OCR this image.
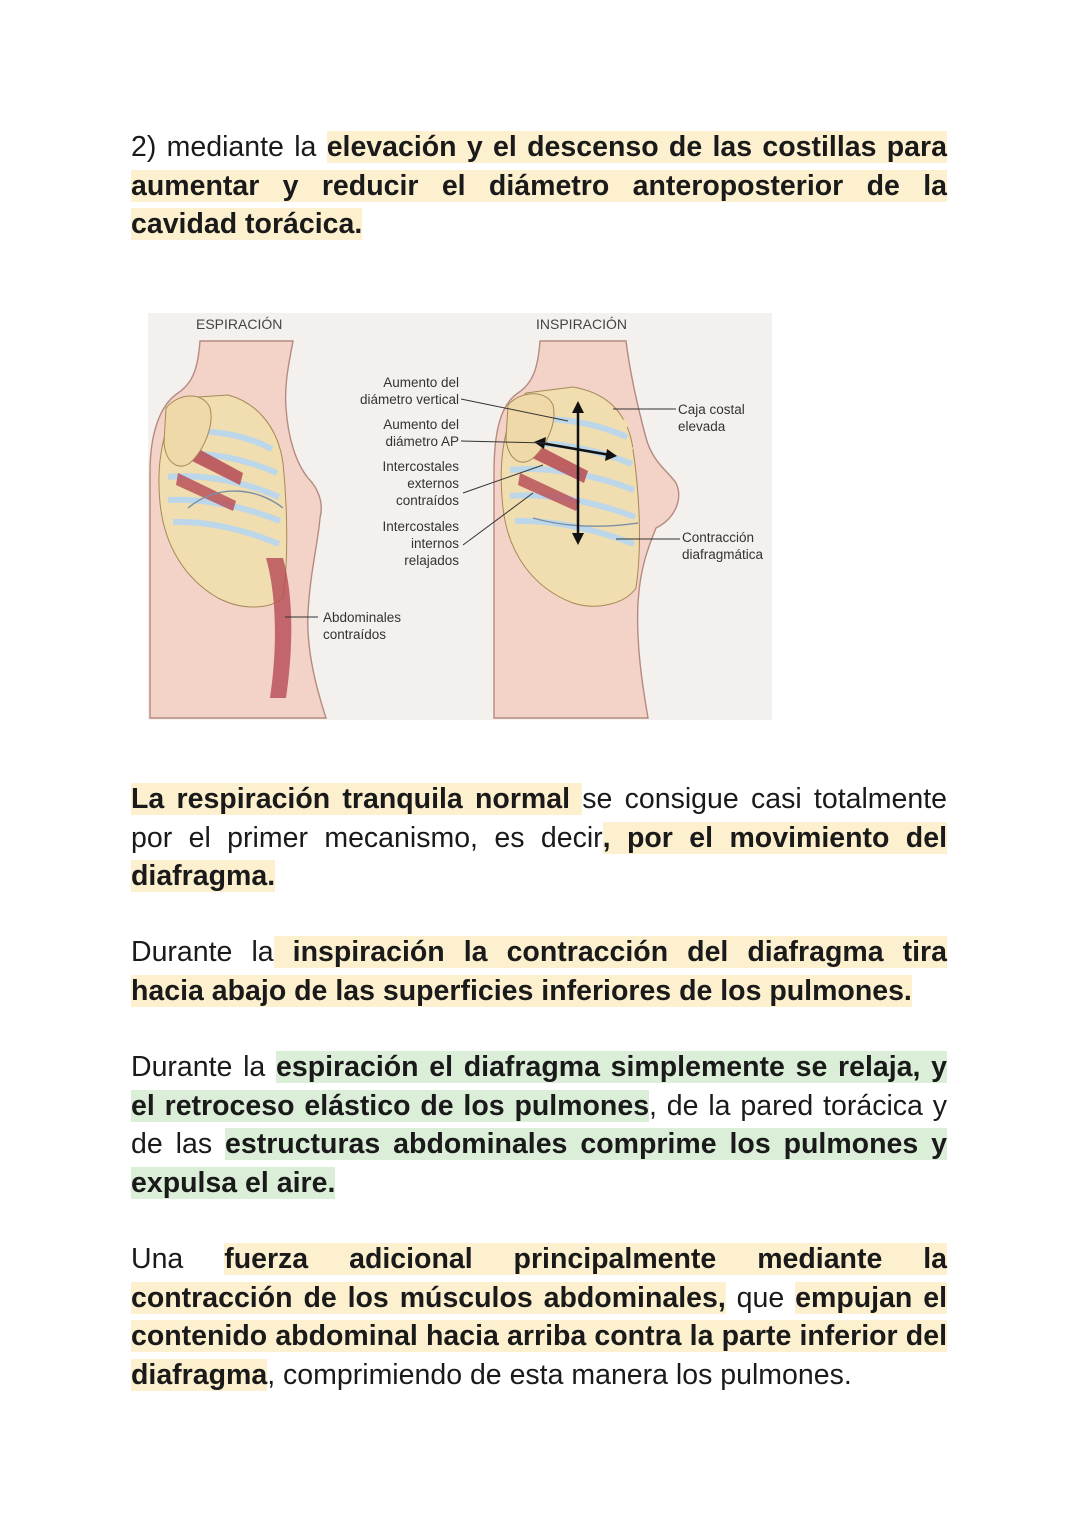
2) mediante la elevación y el descenso de las costillas para aumentar y reducir el diámetro anteroposterior de la cavidad torácica.

ESPIRACIÓN	INSPIRACIÓN
Aumento del
diámetro vertical
Aumento del
diámetro AP
Intercostales
externos
contraídos
Intercostales
internos
relajados
Abdominales
contraídos
Caja costal
elevada
Contracción
diafragmática

La respiración tranquila normal se consigue casi totalmente por el primer mecanismo, es decir, por el movimiento del diafragma.

Durante la inspiración la contracción del diafragma tira hacia abajo de las superficies inferiores de los pulmones.

Durante la espiración el diafragma simplemente se relaja, y el retroceso elástico de los pulmones, de la pared torácica y de las estructuras abdominales comprime los pulmones y expulsa el aire.

Una fuerza adicional principalmente mediante la contracción de los músculos abdominales, que empujan el contenido abdominal hacia arriba contra la parte inferior del diafragma, comprimiendo de esta manera los pulmones.
